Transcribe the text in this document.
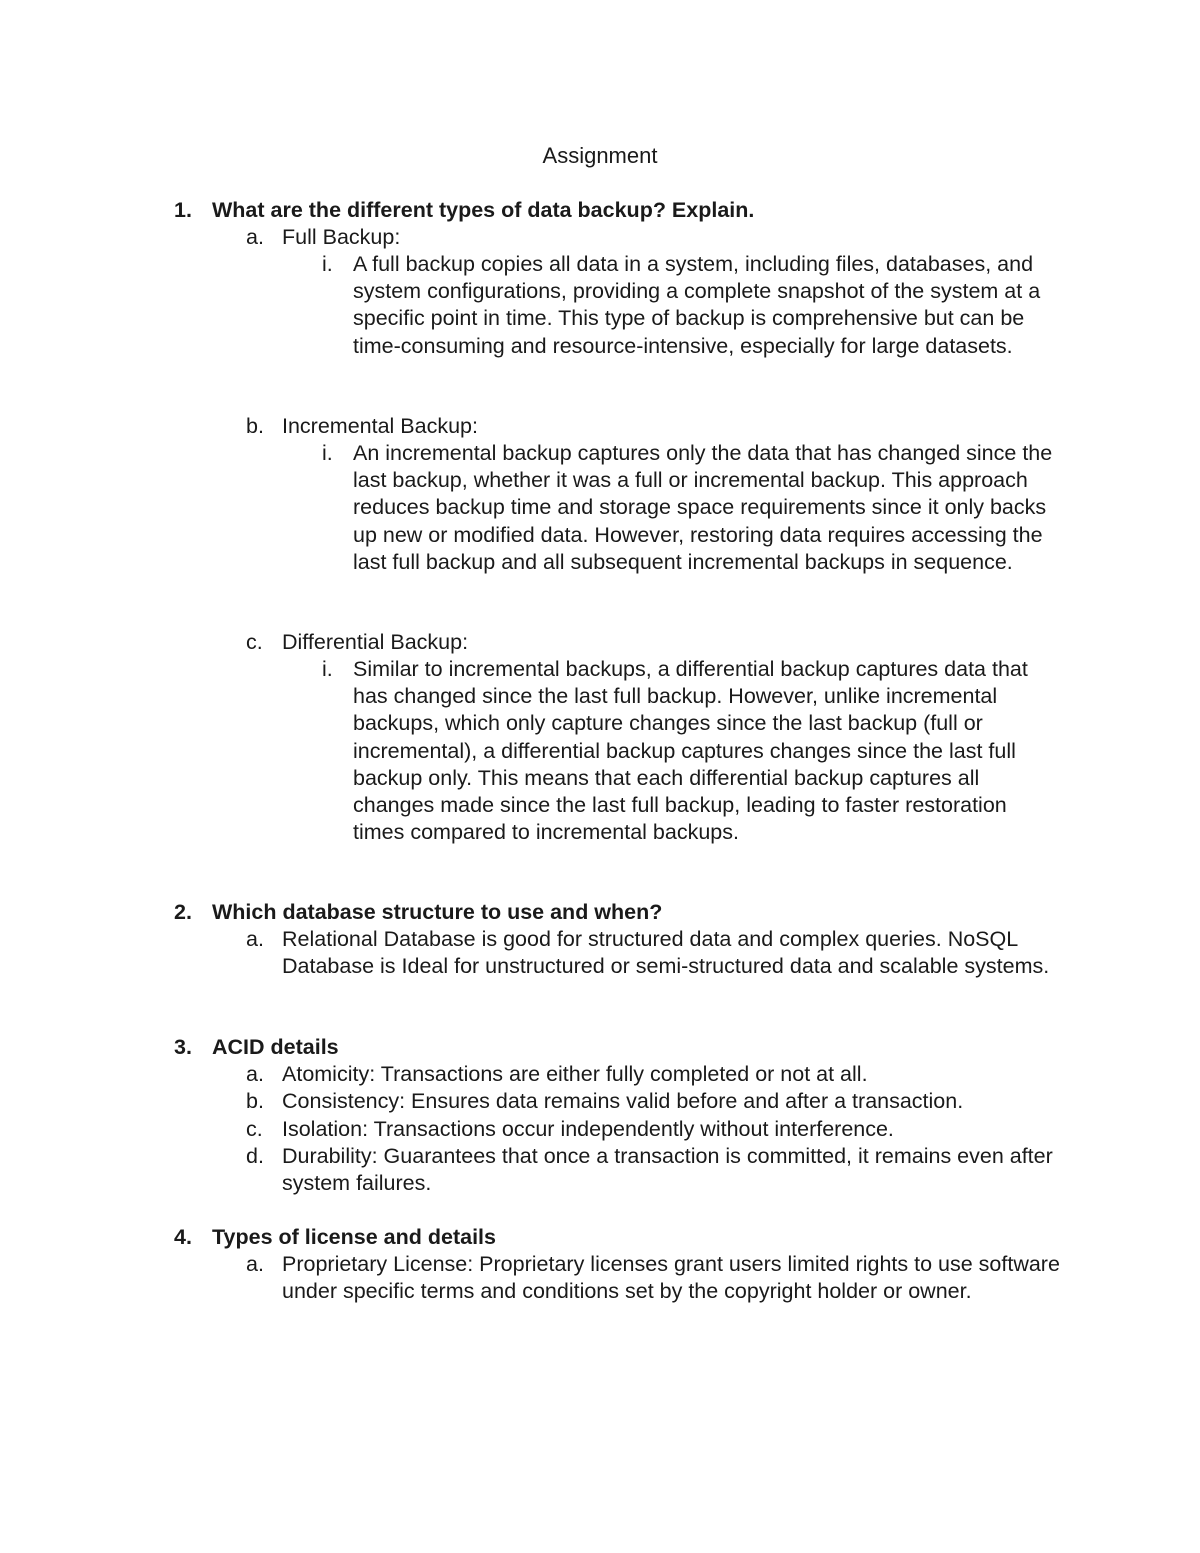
Assignment
1. What are the different types of data backup? Explain.
a. Full Backup:
i. A full backup copies all data in a system, including files, databases, and system configurations, providing a complete snapshot of the system at a specific point in time. This type of backup is comprehensive but can be time-consuming and resource-intensive, especially for large datasets.
b. Incremental Backup:
i. An incremental backup captures only the data that has changed since the last backup, whether it was a full or incremental backup. This approach reduces backup time and storage space requirements since it only backs up new or modified data. However, restoring data requires accessing the last full backup and all subsequent incremental backups in sequence.
c. Differential Backup:
i. Similar to incremental backups, a differential backup captures data that has changed since the last full backup. However, unlike incremental backups, which only capture changes since the last backup (full or incremental), a differential backup captures changes since the last full backup only. This means that each differential backup captures all changes made since the last full backup, leading to faster restoration times compared to incremental backups.
2. Which database structure to use and when?
a. Relational Database is good for structured data and complex queries. NoSQL Database is Ideal for unstructured or semi-structured data and scalable systems.
3. ACID details
a. Atomicity: Transactions are either fully completed or not at all.
b. Consistency: Ensures data remains valid before and after a transaction.
c. Isolation: Transactions occur independently without interference.
d. Durability: Guarantees that once a transaction is committed, it remains even after system failures.
4. Types of license and details
a. Proprietary License: Proprietary licenses grant users limited rights to use software under specific terms and conditions set by the copyright holder or owner.
